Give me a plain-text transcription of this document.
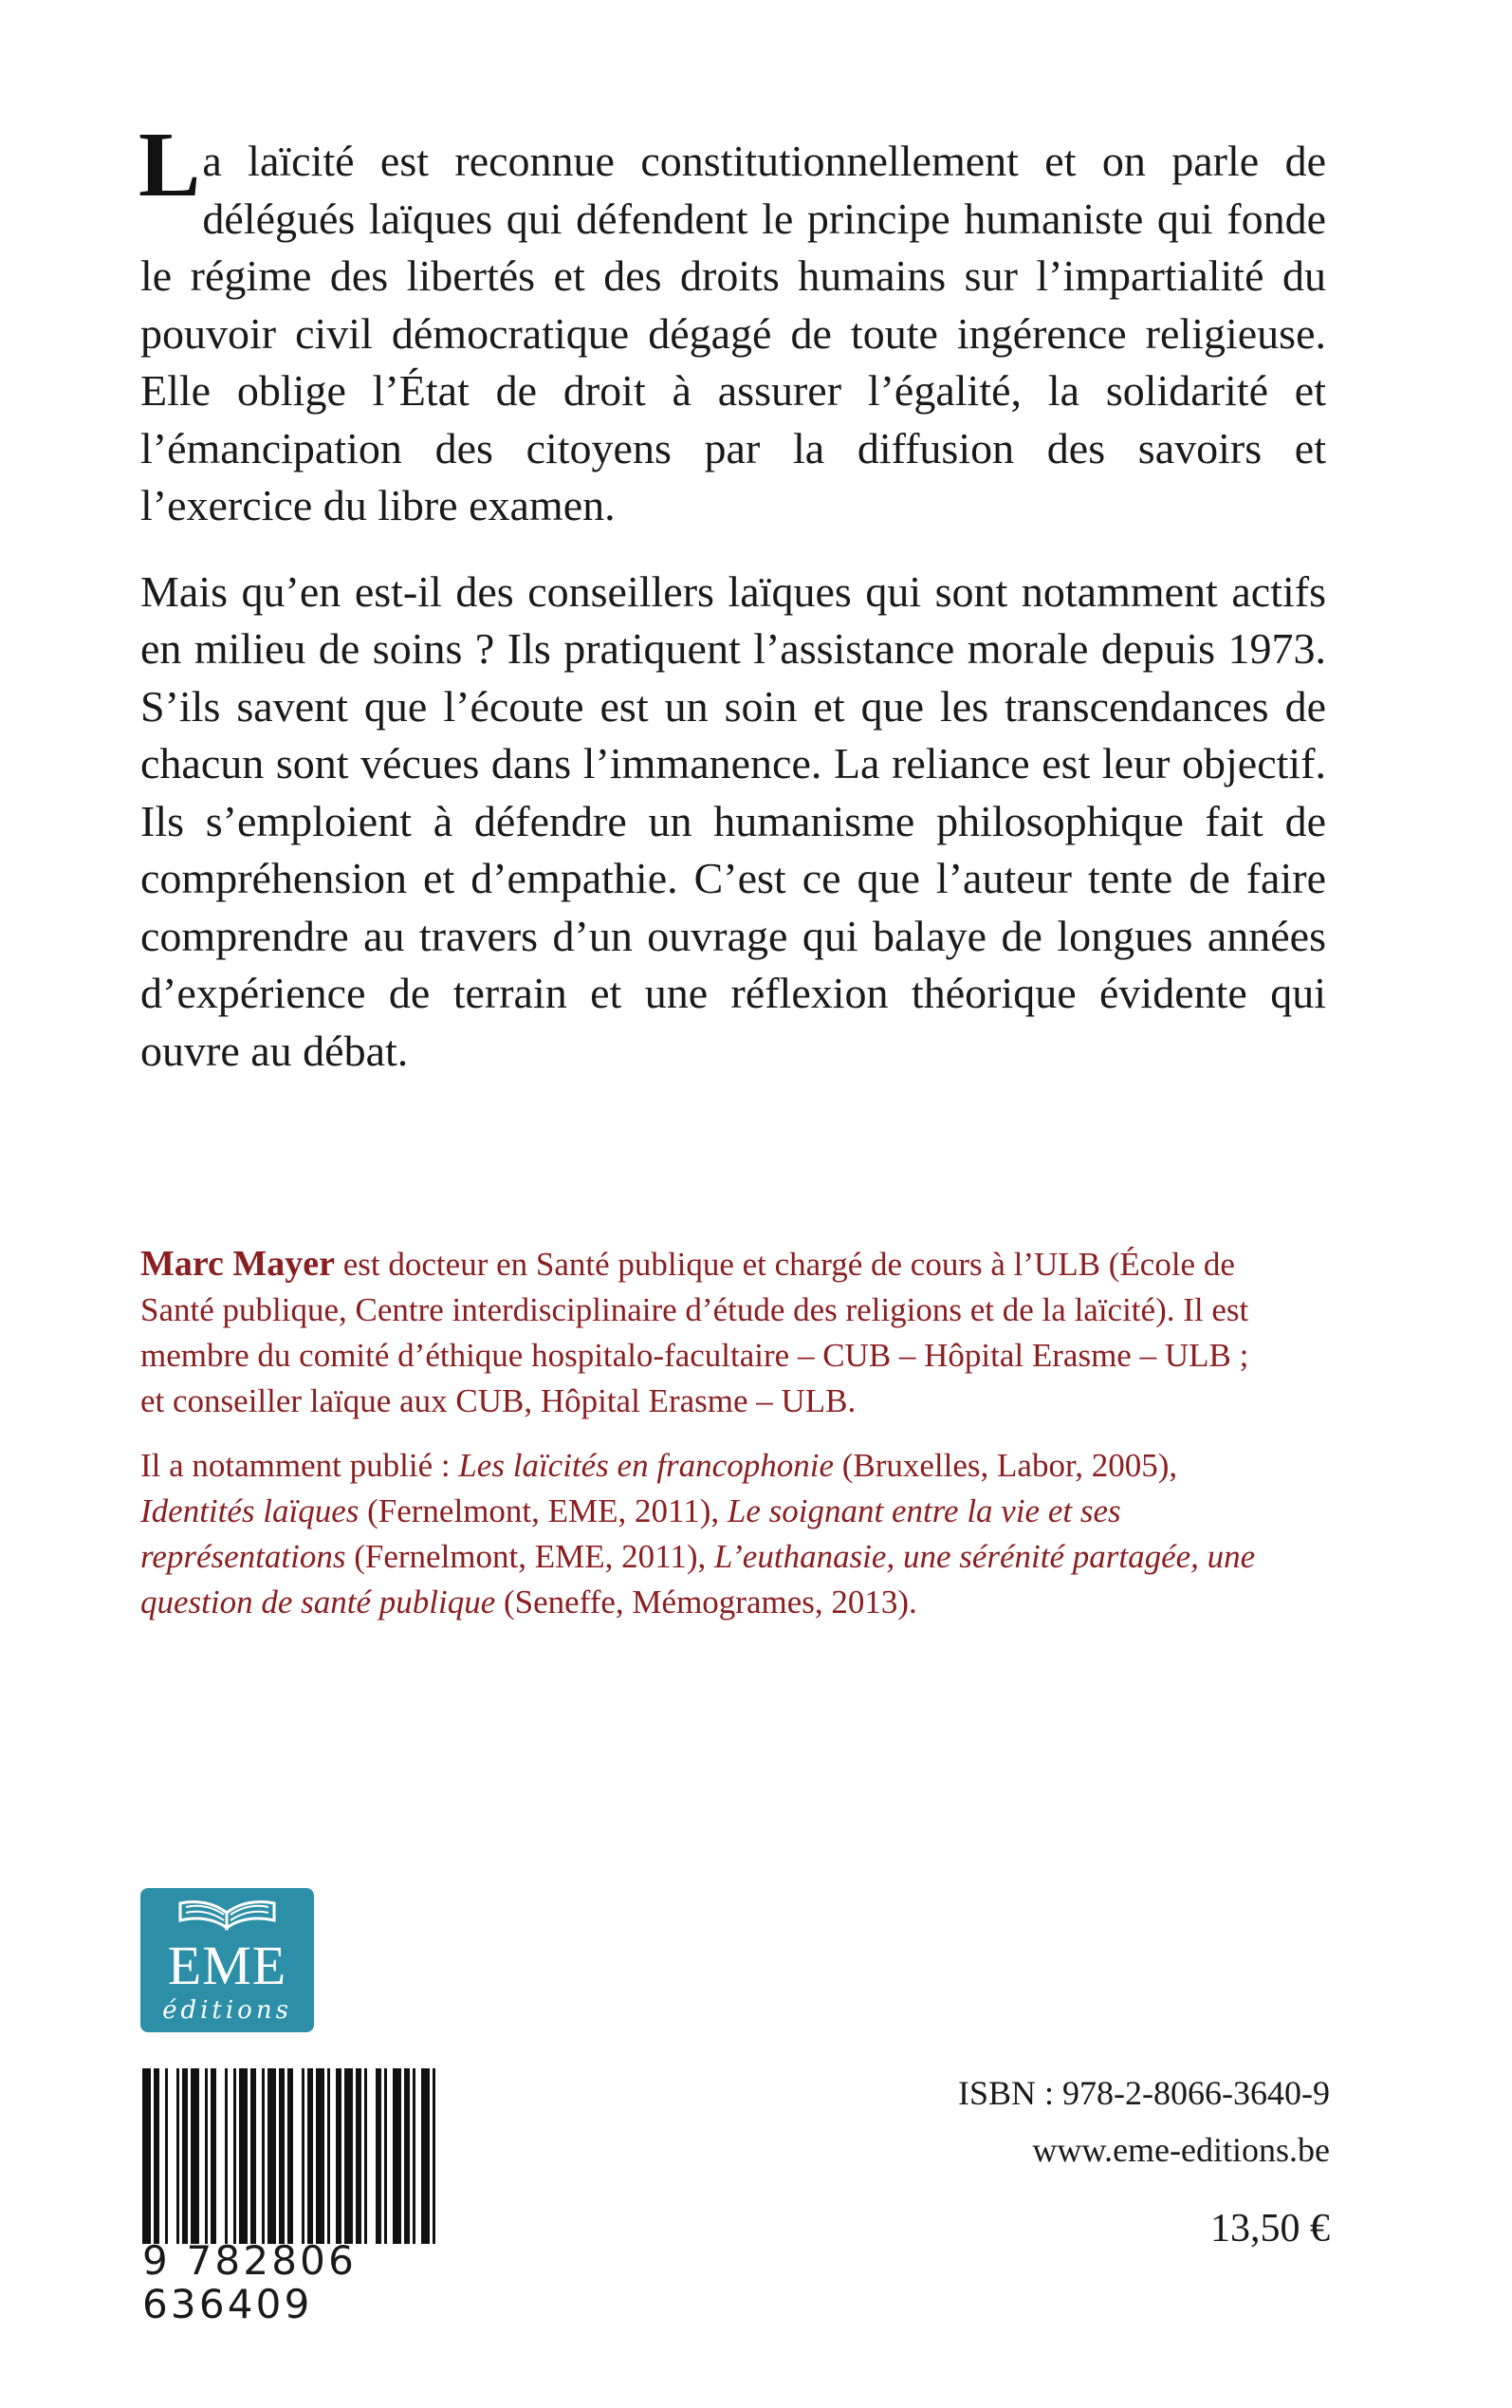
La laïcité est reconnue constitutionnellement et on parle de délégués laïques qui défendent le principe humaniste qui fonde le régime des libertés et des droits humains sur l’impartialité du pouvoir civil démocratique dégagé de toute ingérence religieuse. Elle oblige l’État de droit à assurer l’égalité, la solidarité et l’émancipation des citoyens par la diffusion des savoirs et l’exercice du libre examen.

Mais qu’en est-il des conseillers laïques qui sont notamment actifs en milieu de soins ? Ils pratiquent l’assistance morale depuis 1973. S’ils savent que l’écoute est un soin et que les transcendances de chacun sont vécues dans l’immanence. La reliance est leur objectif. Ils s’emploient à défendre un humanisme philosophique fait de compréhension et d’empathie. C’est ce que l’auteur tente de faire comprendre au travers d’un ouvrage qui balaye de longues années d’expérience de terrain et une réflexion théorique évidente qui ouvre au débat.

Marc Mayer est docteur en Santé publique et chargé de cours à l’ULB (École de Santé publique, Centre interdisciplinaire d’étude des religions et de la laïcité). Il est membre du comité d’éthique hospitalo-facultaire – CUB – Hôpital Erasme – ULB ; et conseiller laïque aux CUB, Hôpital Erasme – ULB.

Il a notamment publié : Les laïcités en francophonie (Bruxelles, Labor, 2005), Identités laïques (Fernelmont, EME, 2011), Le soignant entre la vie et ses représentations (Fernelmont, EME, 2011), L’euthanasie, une sérénité partagée, une question de santé publique (Seneffe, Mémogrames, 2013).

EME
éditions
9 782806 636409
ISBN : 978-2-8066-3640-9
www.eme-editions.be
13,50 €
